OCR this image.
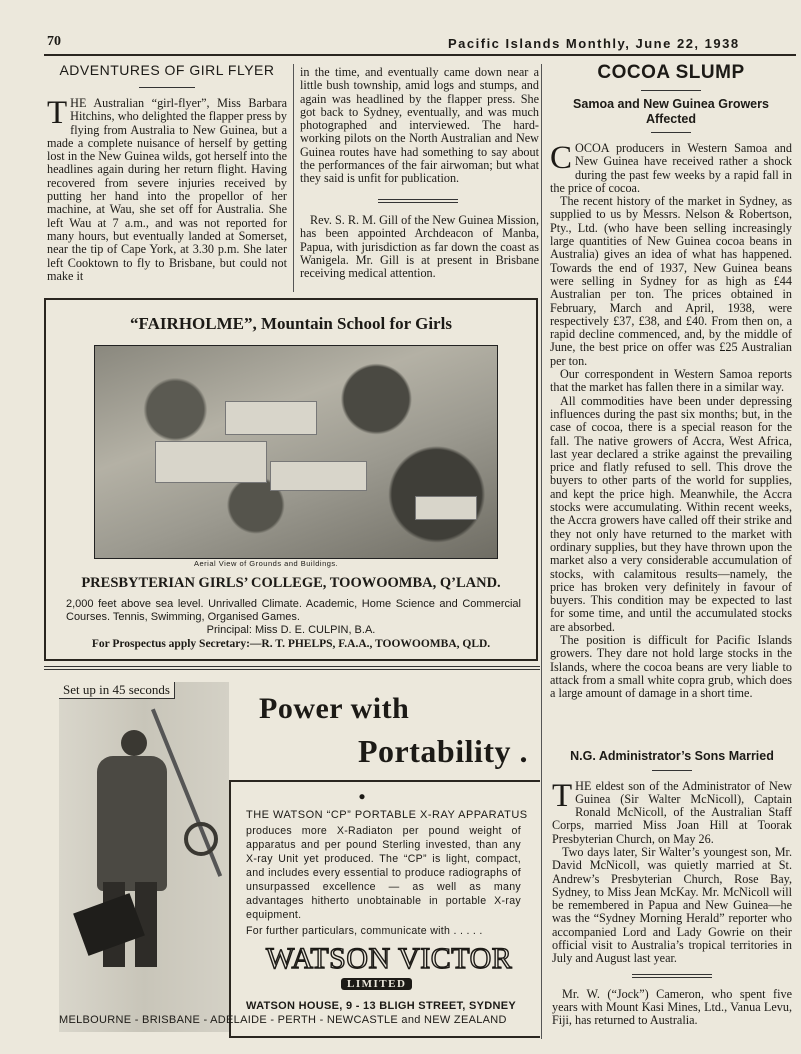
70	Pacific Islands Monthly, June 22, 1938
ADVENTURES OF GIRL FLYER

THE Australian “girl-flyer”, Miss Barbara Hitchins, who delighted the flapper press by flying from Australia to New Guinea, but a made a complete nuisance of herself by getting lost in the New Guinea wilds, got herself into the headlines again during her return flight. Having recovered from severe injuries received by putting her hand into the propellor of her machine, at Wau, she set off for Australia. She left Wau at 7 a.m., and was not reported for many hours, but eventually landed at Somerset, near the tip of Cape York, at 3.30 p.m. She later left Cooktown to fly to Brisbane, but could not make it

in the time, and eventually came down near a little bush township, amid logs and stumps, and again was headlined by the flapper press. She got back to Sydney, eventually, and was much photographed and interviewed. The hard-working pilots on the North Australian and New Guinea routes have had something to say about the performances of the fair airwoman; but what they said is unfit for publication.

Rev. S. R. M. Gill of the New Guinea Mission, has been appointed Archdeacon of Manba, Papua, with jurisdiction as far down the coast as Wanigela. Mr. Gill is at present in Brisbane receiving medical attention.

“FAIRHOLME”, Mountain School for Girls
Aerial View of Grounds and Buildings.
PRESBYTERIAN GIRLS’ COLLEGE, TOOWOOMBA, Q’LAND.
2,000 feet above sea level. Unrivalled Climate. Academic, Home Science and Commercial Courses. Tennis, Swimming, Organised Games.
Principal: Miss D. E. CULPIN, B.A.
For Prospectus apply Secretary:—R. T. PHELPS, F.A.A., TOOWOOMBA, QLD.
COCOA SLUMP
Samoa and New Guinea Growers Affected

COCOA producers in Western Samoa and New Guinea have received rather a shock during the past few weeks by a rapid fall in the price of cocoa.

The recent history of the market in Sydney, as supplied to us by Messrs. Nelson & Robertson, Pty., Ltd. (who have been selling increasingly large quantities of New Guinea cocoa beans in Australia) gives an idea of what has happened. Towards the end of 1937, New Guinea beans were selling in Sydney for as high as £44 Australian per ton. The prices obtained in February, March and April, 1938, were respectively £37, £38, and £40. From then on, a rapid decline commenced, and, by the middle of June, the best price on offer was £25 Australian per ton.

Our correspondent in Western Samoa reports that the market has fallen there in a similar way.

All commodities have been under depressing influences during the past six months; but, in the case of cocoa, there is a special reason for the fall. The native growers of Accra, West Africa, last year declared a strike against the prevailing price and flatly refused to sell. This drove the buyers to other parts of the world for supplies, and kept the price high. Meanwhile, the Accra stocks were accumulating. Within recent weeks, the Accra growers have called off their strike and they not only have returned to the market with ordinary supplies, but they have thrown upon the market also a very considerable accumulation of stocks, with calamitous results—namely, the price has broken very definitely in favour of buyers. This condition may be expected to last for some time, and until the accumulated stocks are absorbed.

The position is difficult for Pacific Islands growers. They dare not hold large stocks in the Islands, where the cocoa beans are very liable to attack from a small white copra grub, which does a large amount of damage in a short time.

Set up in 45 seconds
Power with
Portability . .
THE WATSON “CP” PORTABLE X-RAY APPARATUS
produces more X-Radiaton per pound weight of apparatus and per pound Sterling invested, than any X-ray Unit yet produced. The “CP” is light, compact, and includes every essential to produce radiographs of unsurpassed excellence — as well as many advantages hitherto unobtainable in portable X-ray equipment.
For further particulars, communicate with . . . . .
WATSON VICTOR
LIMITED
WATSON HOUSE, 9 - 13 BLIGH STREET, SYDNEY
MELBOURNE - BRISBANE - ADELAIDE - PERTH - NEWCASTLE and NEW ZEALAND
N.G. Administrator’s Sons Married

THE eldest son of the Administrator of New Guinea (Sir Walter McNicoll), Captain Ronald McNicoll, of the Australian Staff Corps, married Miss Joan Hill at Toorak Presbyterian Church, on May 26.

Two days later, Sir Walter’s youngest son, Mr. David McNicoll, was quietly married at St. Andrew’s Presbyterian Church, Rose Bay, Sydney, to Miss Jean McKay. Mr. McNicoll will be remembered in Papua and New Guinea—he was the “Sydney Morning Herald” reporter who accompanied Lord and Lady Gowrie on their official visit to Australia’s tropical territories in July and August last year.

Mr. W. (“Jock”) Cameron, who spent five years with Mount Kasi Mines, Ltd., Vanua Levu, Fiji, has returned to Australia.
